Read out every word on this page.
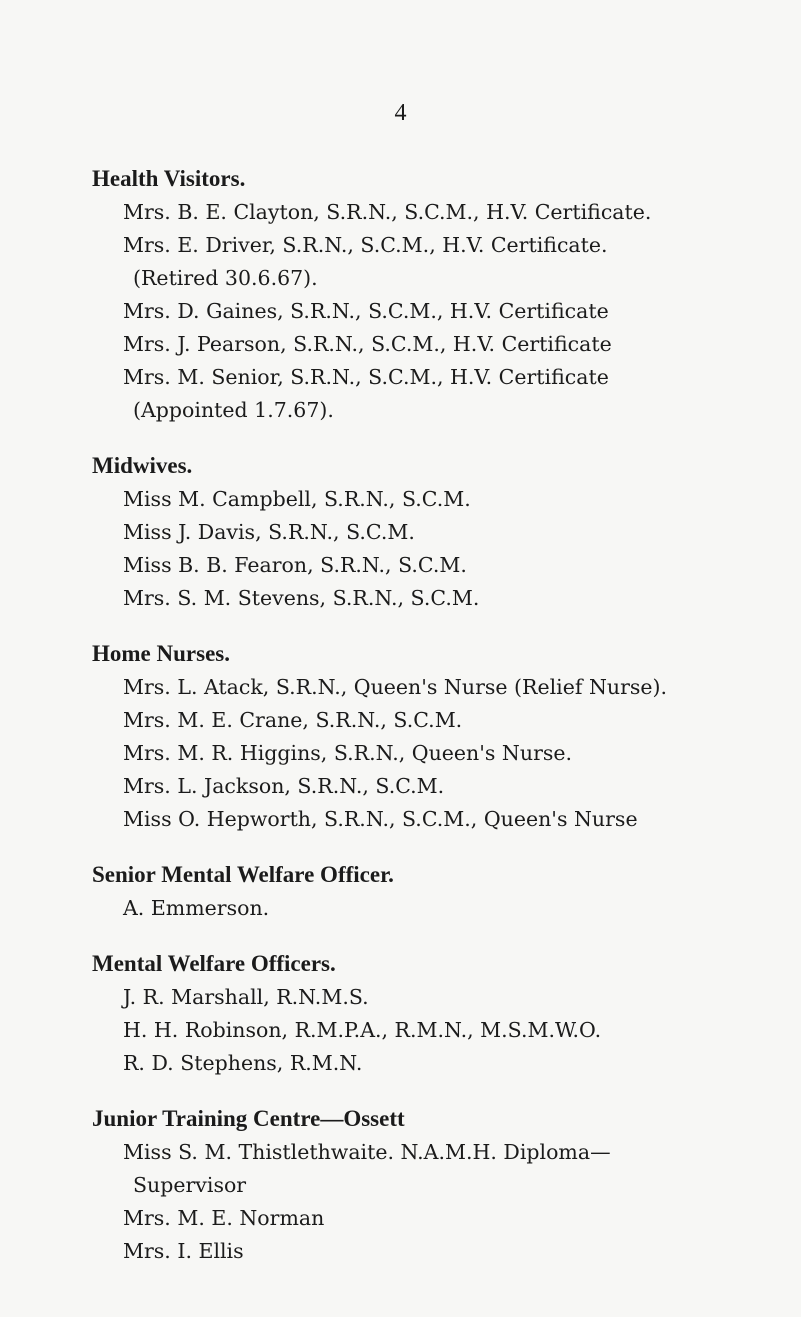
4
Health Visitors.
Mrs. B. E. Clayton, S.R.N., S.C.M., H.V. Certificate.
Mrs. E. Driver, S.R.N., S.C.M., H.V. Certificate.
(Retired 30.6.67).
Mrs. D. Gaines, S.R.N., S.C.M., H.V. Certificate
Mrs. J. Pearson, S.R.N., S.C.M., H.V. Certificate
Mrs. M. Senior, S.R.N., S.C.M., H.V. Certificate
(Appointed 1.7.67).
Midwives.
Miss M. Campbell, S.R.N., S.C.M.
Miss J. Davis, S.R.N., S.C.M.
Miss B. B. Fearon, S.R.N., S.C.M.
Mrs. S. M. Stevens, S.R.N., S.C.M.
Home Nurses.
Mrs. L. Atack, S.R.N., Queen's Nurse (Relief Nurse).
Mrs. M. E. Crane, S.R.N., S.C.M.
Mrs. M. R. Higgins, S.R.N., Queen's Nurse.
Mrs. L. Jackson, S.R.N., S.C.M.
Miss O. Hepworth, S.R.N., S.C.M., Queen's Nurse
Senior Mental Welfare Officer.
A. Emmerson.
Mental Welfare Officers.
J. R. Marshall, R.N.M.S.
H. H. Robinson, R.M.P.A., R.M.N., M.S.M.W.O.
R. D. Stephens, R.M.N.
Junior Training Centre—Ossett
Miss S. M. Thistlethwaite. N.A.M.H. Diploma—
Supervisor
Mrs. M. E. Norman
Mrs. I. Ellis
